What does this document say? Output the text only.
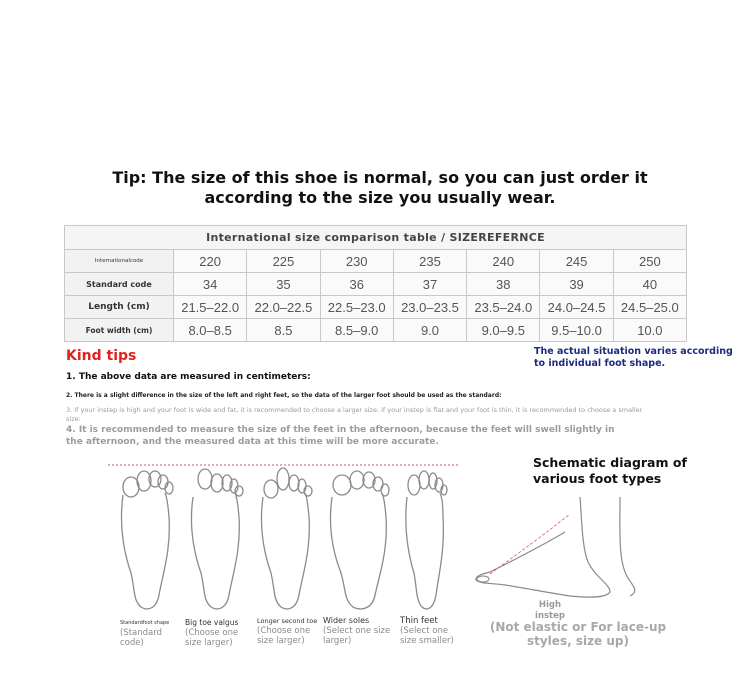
Tip: The size of this shoe is normal, so you can just order it
according to the size you usually wear.
International size comparison table / SIZEREFERNCE							
Internationalcode	220	225	230	235	240	245	250
Standard code	34	35	36	37	38	39	40
Length (cm)	21.5–22.0	22.0–22.5	22.5–23.0	23.0–23.5	23.5–24.0	24.0–24.5	24.5–25.0
Foot width (cm)	8.0–8.5	8.5	8.5–9.0	9.0	9.0–9.5	9.5–10.0	10.0
Kind tips	The actual situation varies according to individual foot shape.
1. The above data are measured in centimeters:
2. There is a slight difference in the size of the left and right feet, so the data of the larger foot should be used as the standard:
3. If your instep is high and your foot is wide and fat, it is recommended to choose a larger size: if your instep is flat and your foot is thin, it is recommended to choose a smaller size:
4. It is recommended to measure the size of the feet in the afternoon, because the feet will swell slightly in the afternoon, and the measured data at this time will be more accurate.
Standardfoot shape
(Standard code)
Big toe valgus
(Choose one size larger)
Longer second toe
(Choose one size larger)
Wider soles
(Select one size larger)
Thin feet
(Select one size smaller)
Schematic diagram of various foot types
High instep
(Not elastic or For lace-up styles, size up)
